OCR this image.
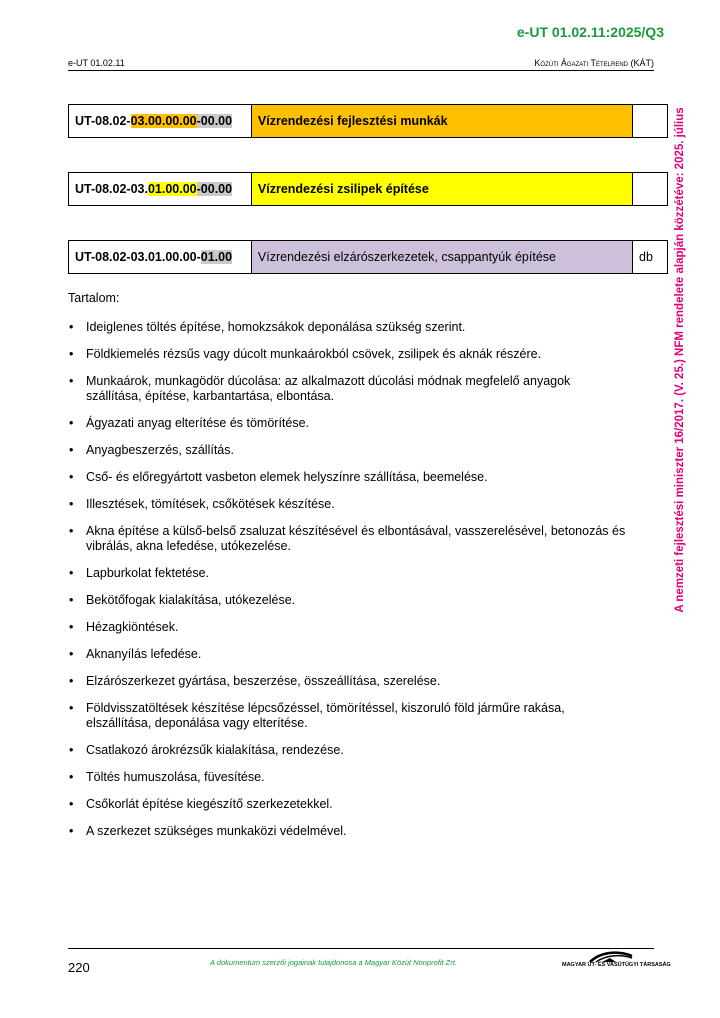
e-UT 01.02.11:2025/Q3
e-UT 01.02.11	Közúti Ágazati Tételrend (KÁT)
A nemzeti fejlesztési miniszter 16/2017. (V. 25.) NFM rendelete alapján közzétéve: 2025. július
UT-08.02-03.00.00.00-00.00	Vízrendezési fejlesztési munkák	
UT-08.02-03.01.00.00-00.00	Vízrendezési zsilipek építése	
UT-08.02-03.01.00.00-01.00	Vízrendezési elzárószerkezetek, csappantyúk építése	db
Tartalom:
• Ideiglenes töltés építése, homokzsákok deponálása szükség szerint.
• Földkiemelés rézsűs vagy dúcolt munkaárokból csövek, zsilipek és aknák részére.
• Munkaárok, munkagödör dúcolása: az alkalmazott dúcolási módnak megfelelő anyagok szállítása, építése, karbantartása, elbontása.
• Ágyazati anyag elterítése és tömörítése.
• Anyagbeszerzés, szállítás.
• Cső- és előregyártott vasbeton elemek helyszínre szállítása, beemelése.
• Illesztések, tömítések, csőkötések készítése.
• Akna építése a külső-belső zsaluzat készítésével és elbontásával, vasszerelésével, betonozás és vibrálás, akna lefedése, utókezelése.
• Lapburkolat fektetése.
• Bekötőfogak kialakítása, utókezelése.
• Hézagkiöntések.
• Aknanyílás lefedése.
• Elzárószerkezet gyártása, beszerzése, összeállítása, szerelése.
• Földvisszatöltések készítése lépcsőzéssel, tömörítéssel, kiszoruló föld járműre rakása, elszállítása, deponálása vagy elterítése.
• Csatlakozó árokrézsűk kialakítása, rendezése.
• Töltés humuszolása, füvesítése.
• Csőkorlát építése kiegészítő szerkezetekkel.
• A szerkezet szükséges munkaközi védelmével.
220	A dokumentum szerzői jogainak tulajdonosa a Magyar Közút Nonprofit Zrt.	MAGYAR ÚT- ÉS VASÚTÜGYI TÁRSASÁG
